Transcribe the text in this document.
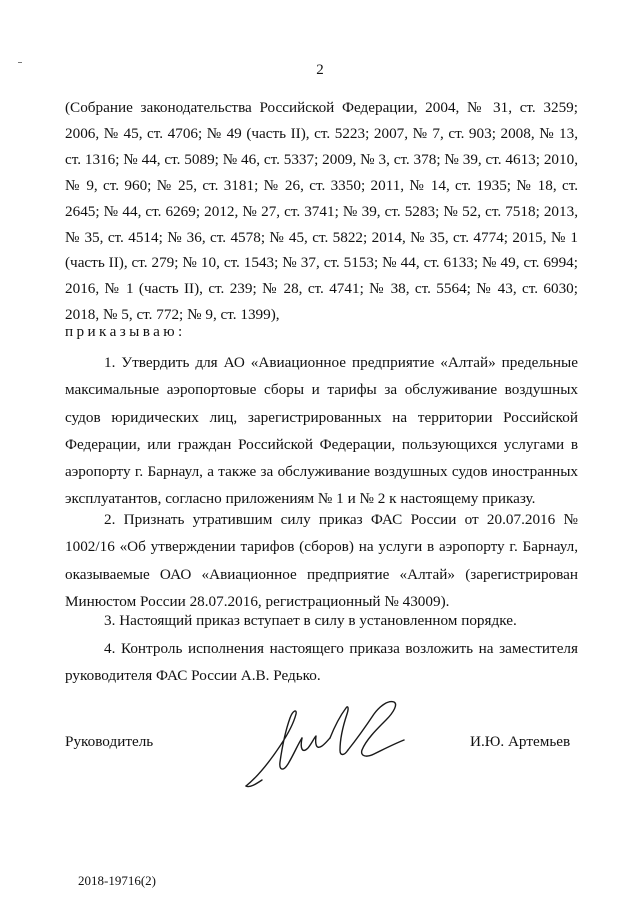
2

(Собрание законодательства Российской Федерации, 2004, № 31, ст. 3259; 2006, № 45, ст. 4706; № 49 (часть II), ст. 5223; 2007, № 7, ст. 903; 2008, № 13, ст. 1316; № 44, ст. 5089; № 46, ст. 5337; 2009, № 3, ст. 378; № 39, ст. 4613; 2010, № 9, ст. 960; № 25, ст. 3181; № 26, ст. 3350; 2011, № 14, ст. 1935; № 18, ст. 2645; № 44, ст. 6269; 2012, № 27, ст. 3741; № 39, ст. 5283; № 52, ст. 7518; 2013, № 35, ст. 4514; № 36, ст. 4578; № 45, ст. 5822; 2014, № 35, ст. 4774; 2015, № 1 (часть II), ст. 279; № 10, ст. 1543; № 37, ст. 5153; № 44, ст. 6133; № 49, ст. 6994; 2016, № 1 (часть II), ст. 239; № 28, ст. 4741; № 38, ст. 5564; № 43, ст. 6030; 2018, № 5, ст. 772; № 9, ст. 1399),

приказываю:

1. Утвердить для АО «Авиационное предприятие «Алтай» предельные максимальные аэропортовые сборы и тарифы за обслуживание воздушных судов юридических лиц, зарегистрированных на территории Российской Федерации, или граждан Российской Федерации, пользующихся услугами в аэропорту г. Барнаул, а также за обслуживание воздушных судов иностранных эксплуатантов, согласно приложениям № 1 и № 2 к настоящему приказу.

2. Признать утратившим силу приказ ФАС России от 20.07.2016 № 1002/16 «Об утверждении тарифов (сборов) на услуги в аэропорту г. Барнаул, оказываемые ОАО «Авиационное предприятие «Алтай» (зарегистрирован Минюстом России 28.07.2016, регистрационный № 43009).

3. Настоящий приказ вступает в силу в установленном порядке.

4. Контроль исполнения настоящего приказа возложить на заместителя руководителя ФАС России А.В. Редько.

Руководитель	И.Ю. Артемьев
2018-19716(2)
